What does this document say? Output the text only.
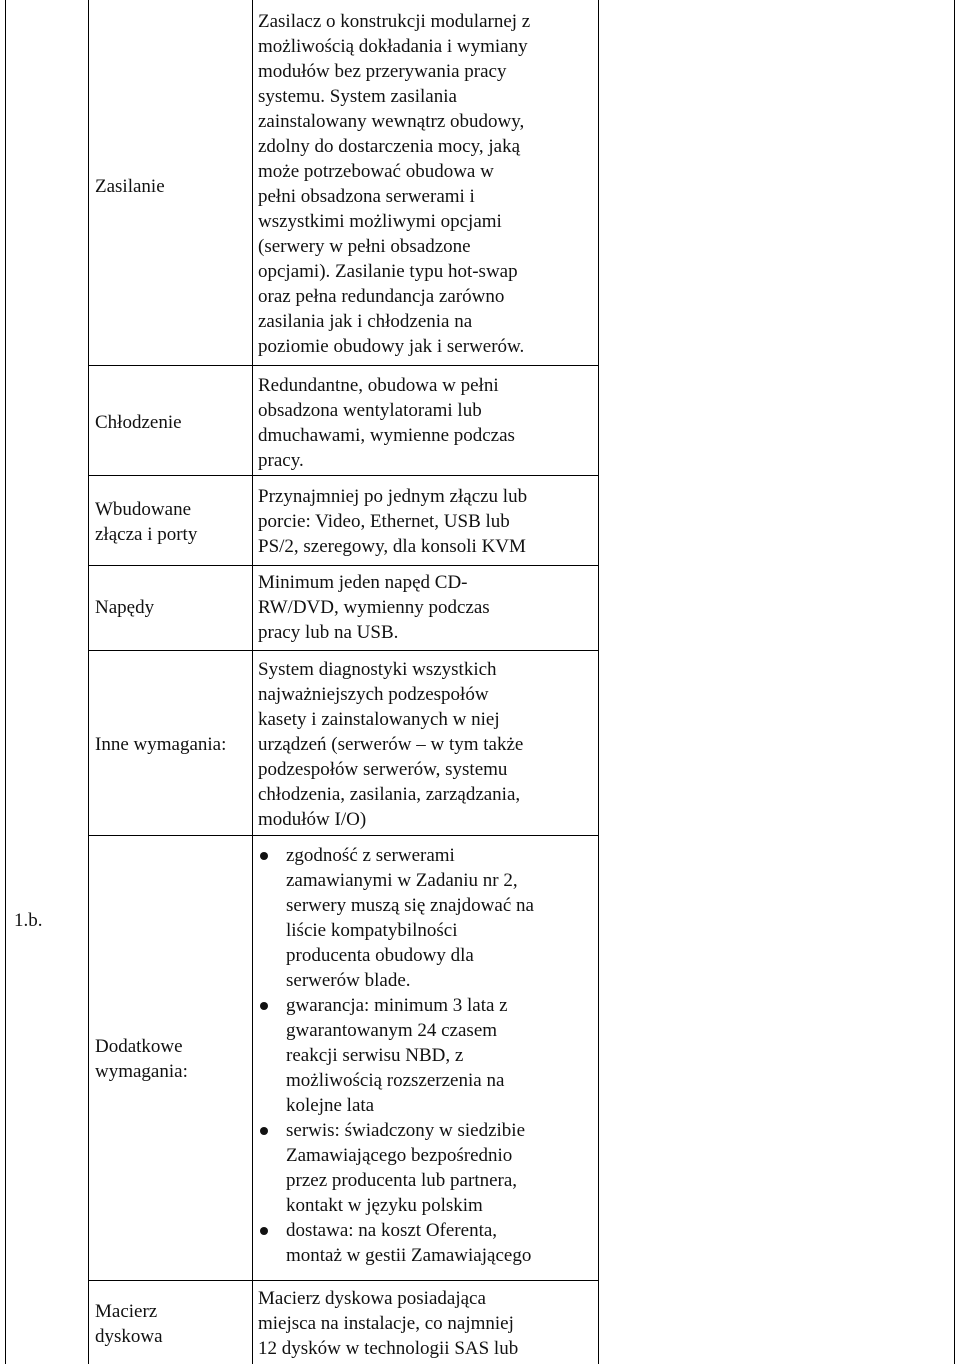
1.b.
Zasilanie
Chłodzenie
Wbudowane
złącza i porty
Napędy
Inne wymagania:
Dodatkowe
wymagania:
Macierz
dyskowa
Zasilacz o konstrukcji modularnej z
możliwością dokładania i wymiany
modułów bez przerywania pracy
systemu. System zasilania
zainstalowany wewnątrz obudowy,
zdolny do dostarczenia mocy, jaką
może potrzebować obudowa w
pełni obsadzona serwerami i
wszystkimi możliwymi opcjami
(serwery w pełni obsadzone
opcjami). Zasilanie typu hot-swap
oraz pełna redundancja zarówno
zasilania jak i chłodzenia na
poziomie obudowy jak i serwerów.
Redundantne, obudowa w pełni
obsadzona wentylatorami lub
dmuchawami, wymienne podczas
pracy.
Przynajmniej po jednym złączu lub
porcie: Video, Ethernet, USB lub
PS/2, szeregowy, dla konsoli KVM
Minimum jeden napęd CD-
RW/DVD, wymienny podczas
pracy lub na USB.
System diagnostyki wszystkich
najważniejszych podzespołów
kasety i zainstalowanych w niej
urządzeń (serwerów – w tym także
podzespołów serwerów, systemu
chłodzenia, zasilania, zarządzania,
modułów I/O)
zgodność z serwerami
zamawianymi w Zadaniu nr 2,
serwery muszą się znajdować na
liście kompatybilności
producenta obudowy dla
serwerów blade.
gwarancja: minimum 3 lata z
gwarantowanym 24 czasem
reakcji serwisu NBD, z
możliwością rozszerzenia na
kolejne lata
serwis: świadczony w siedzibie
Zamawiającego bezpośrednio
przez producenta lub partnera,
kontakt w języku polskim
dostawa: na koszt Oferenta,
montaż w gestii Zamawiającego
Macierz dyskowa posiadająca
miejsca na instalacje, co najmniej
12 dysków w technologii SAS lub
